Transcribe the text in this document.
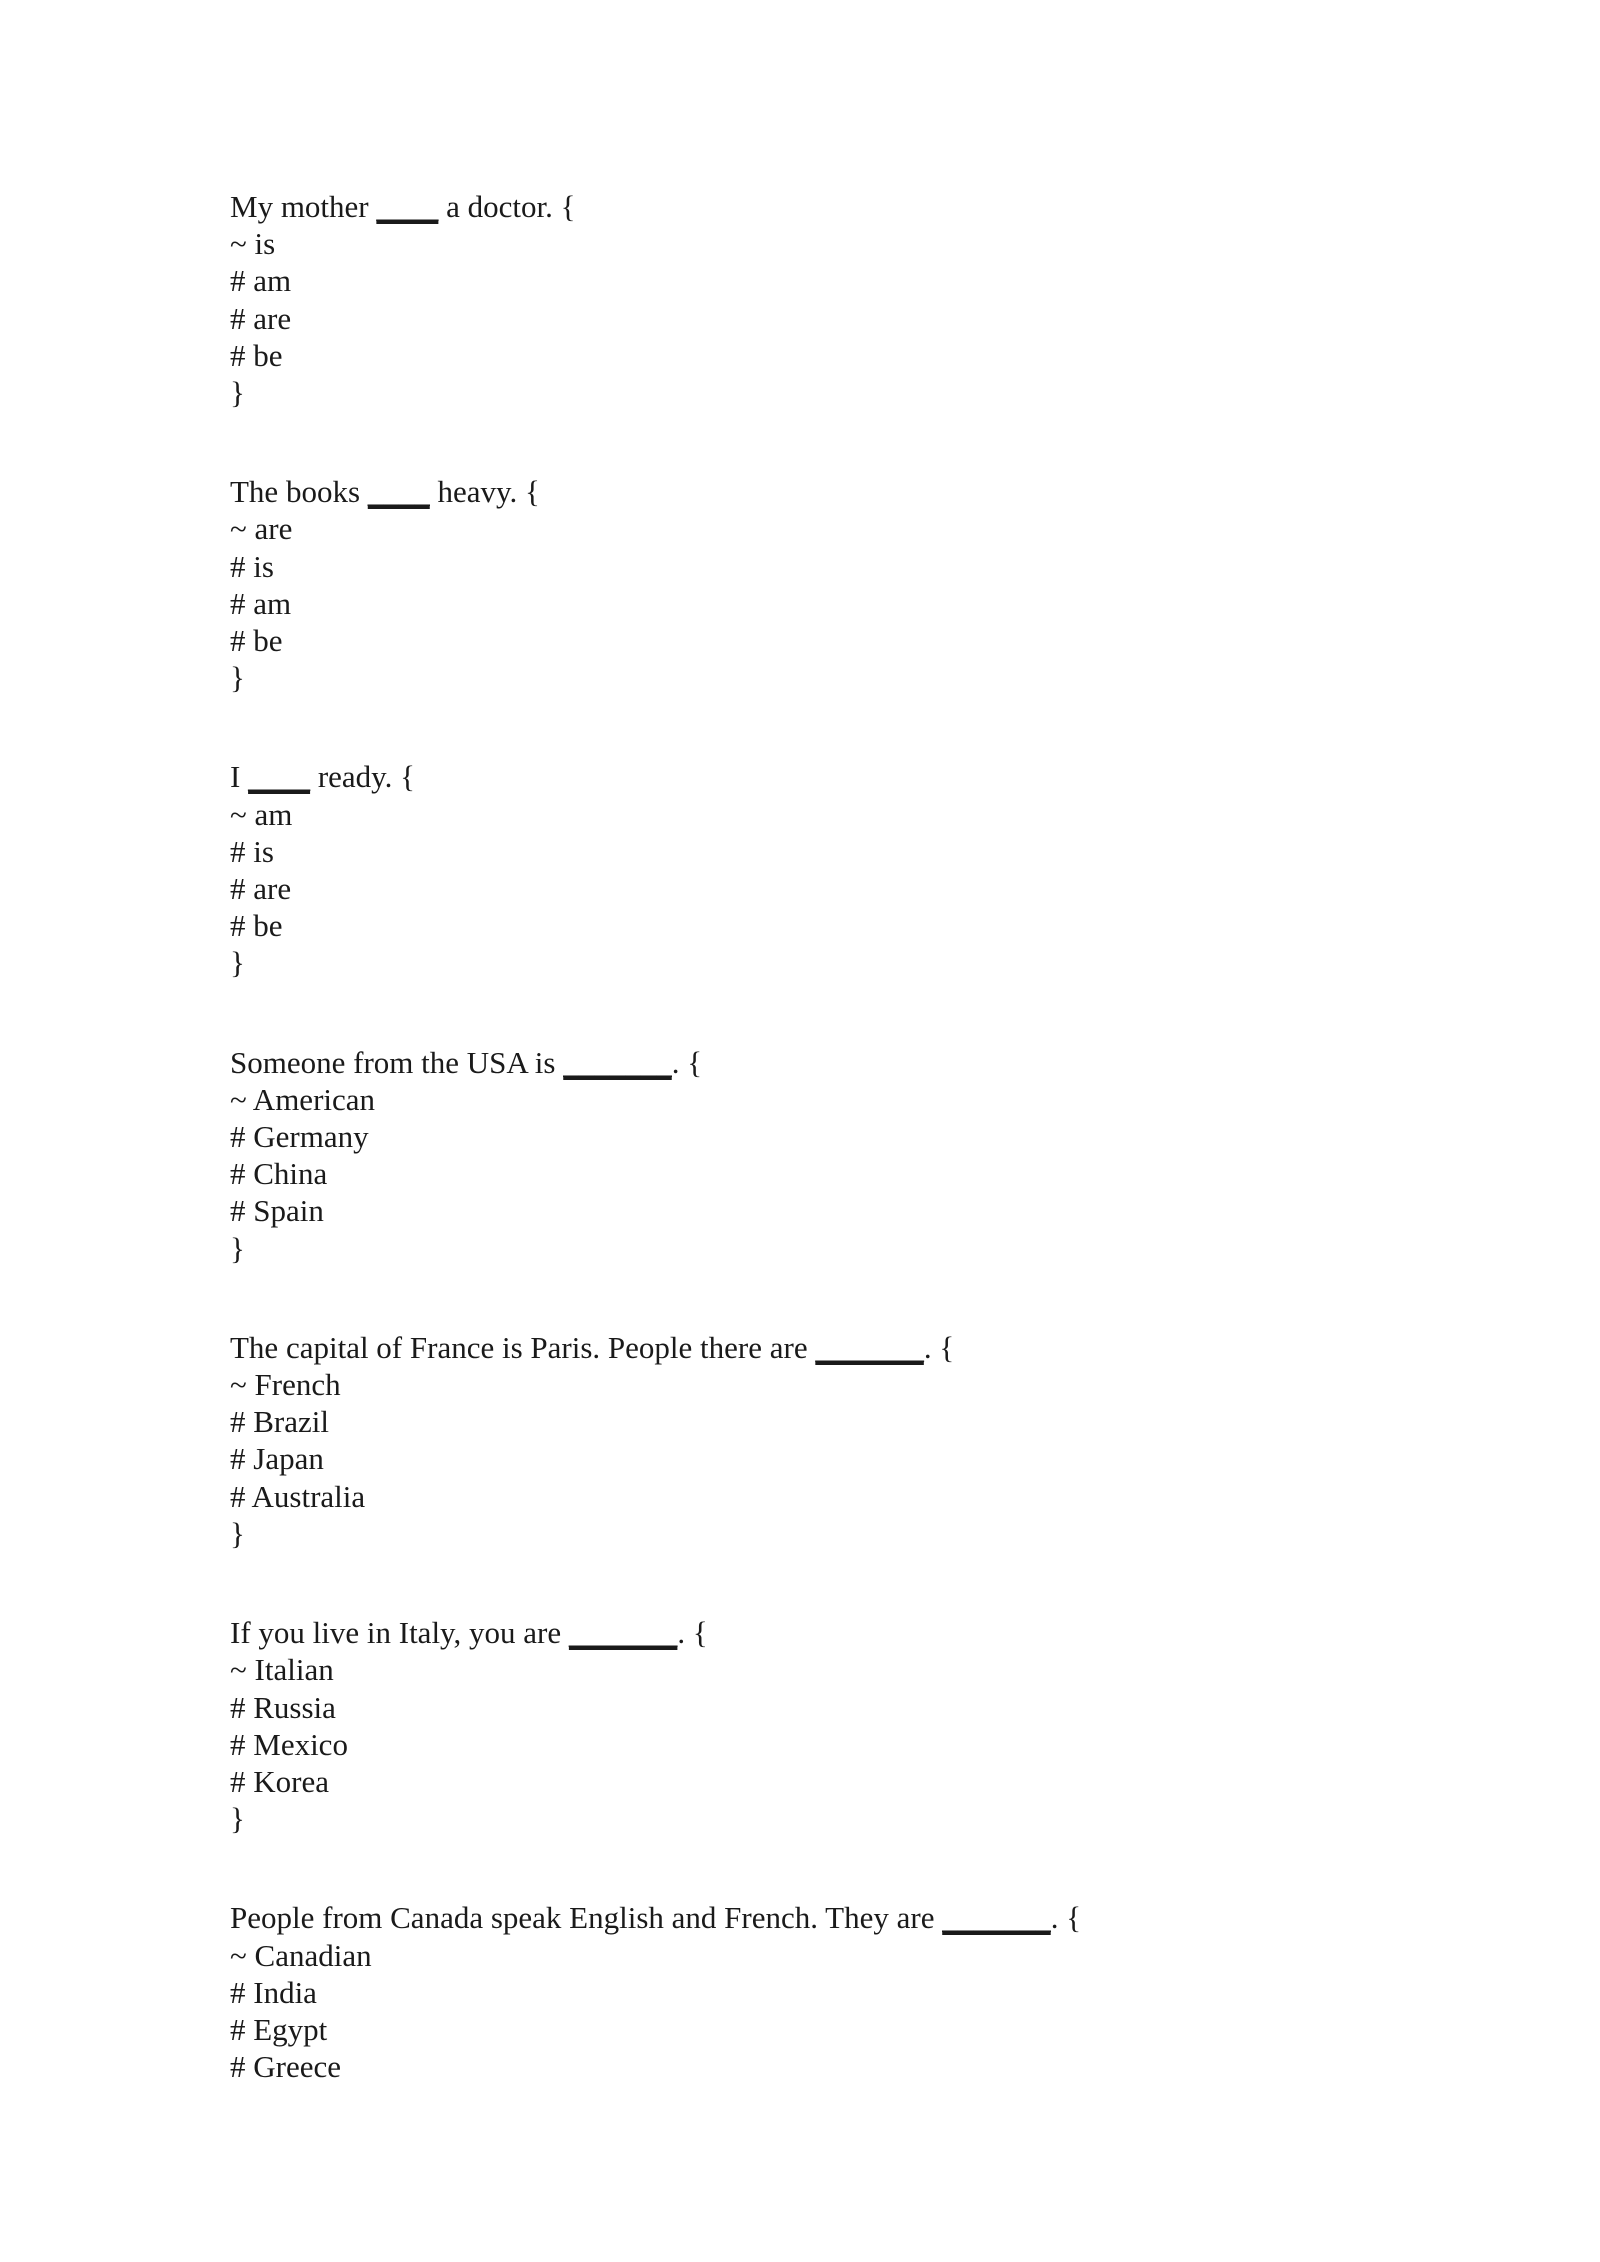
My mother ____ a doctor. {
~ is
# am
# are
# be
}
The books ____ heavy. {
~ are
# is
# am
# be
}
I ____ ready. {
~ am
# is
# are
# be
}
Someone from the USA is _______. {
~ American
# Germany
# China
# Spain
}
The capital of France is Paris. People there are _______. {
~ French
# Brazil
# Japan
# Australia
}
If you live in Italy, you are _______. {
~ Italian
# Russia
# Mexico
# Korea
}
People from Canada speak English and French. They are _______. {
~ Canadian
# India
# Egypt
# Greece
